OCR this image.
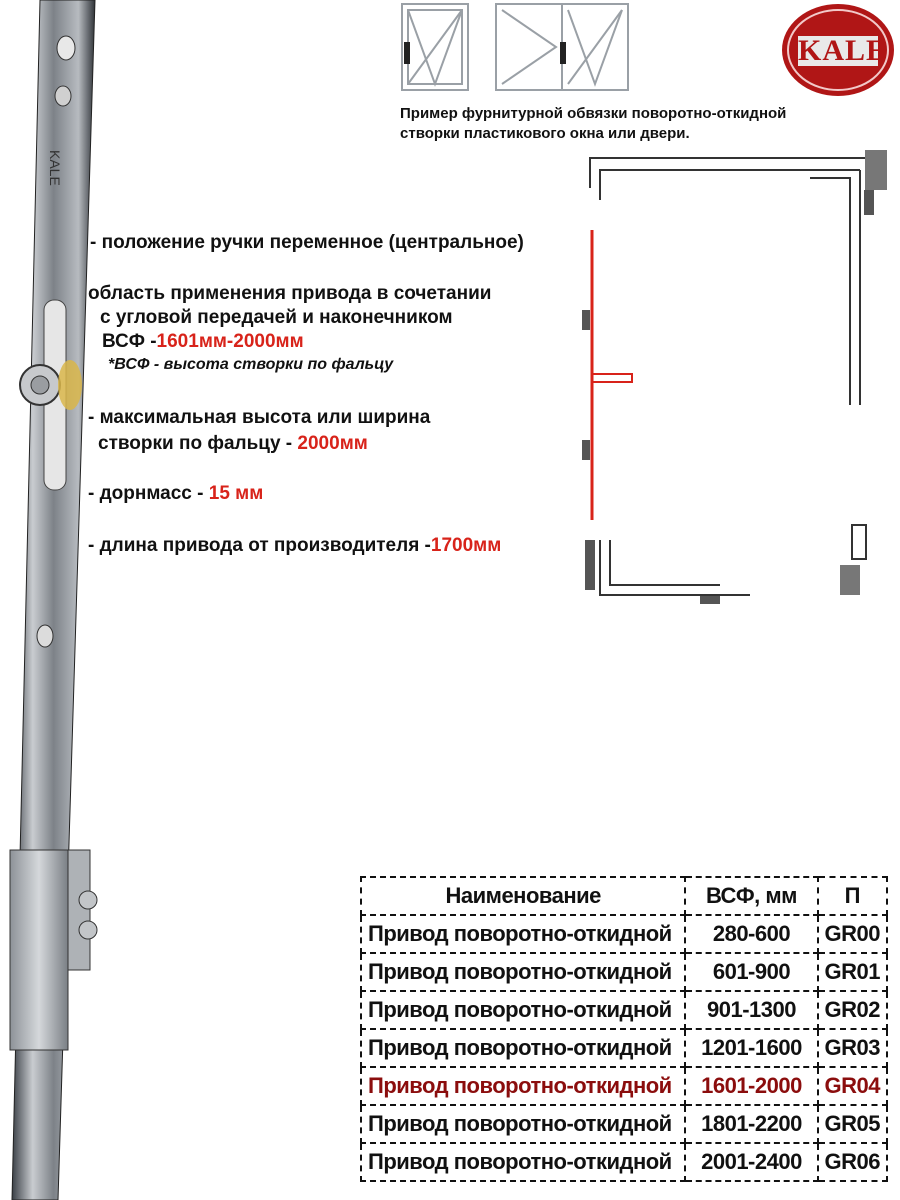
KALE
KALE
Пример фурнитурной обвязки поворотно-откидной
створки пластикового окна или двери.
- положение ручки переменное (центральное)
область применения привода в сочетании
с угловой передачей и наконечником
ВСФ -1601мм-2000мм
*ВСФ - высота створки по фальцу
- максимальная высота или ширина
створки по фальцу - 2000мм
- дорнмасс - 15 мм
- длина привода от производителя -1700мм
Наименование	ВСФ, мм	П
Привод поворотно-откидной	280-600	GR00
Привод поворотно-откидной	601-900	GR01
Привод поворотно-откидной	901-1300	GR02
Привод поворотно-откидной	1201-1600	GR03
Привод поворотно-откидной	1601-2000	GR04
Привод поворотно-откидной	1801-2200	GR05
Привод поворотно-откидной	2001-2400	GR06
